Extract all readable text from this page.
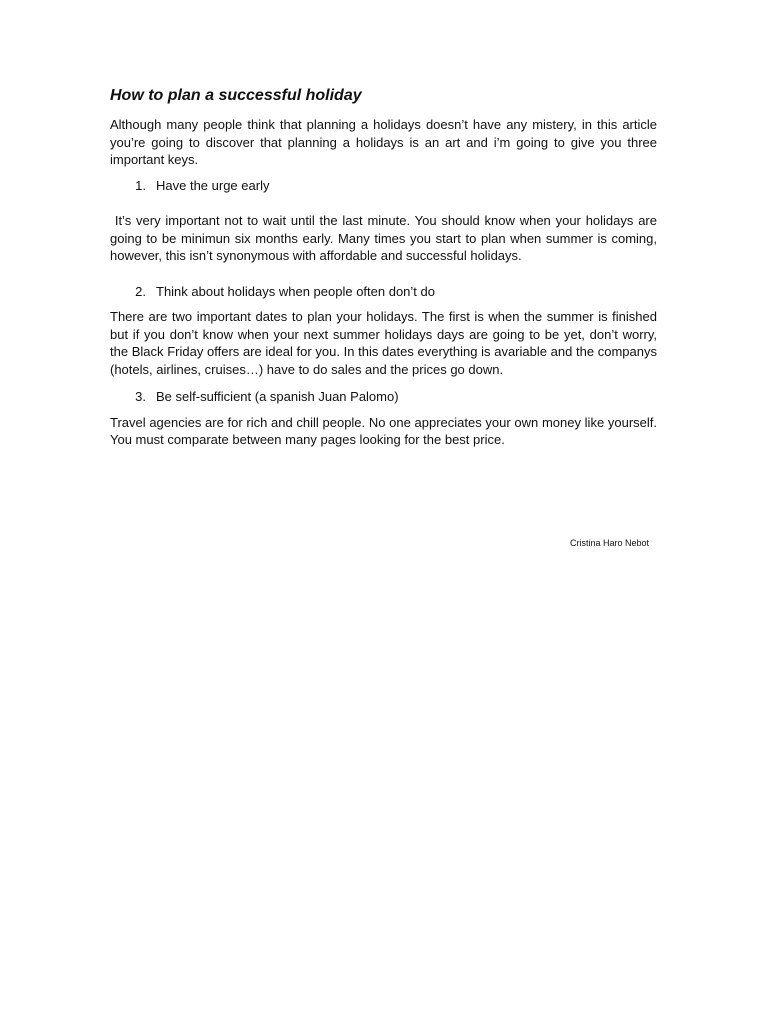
How to plan a successful holiday

Although many people think that planning a holidays doesn’t have any mistery, in this article you’re going to discover that planning a holidays is an art and i’m going to give you three important keys.

1. Have the urge early

It’s very important not to wait until the last minute. You should know when your holidays are going to be minimun six months early. Many times you start to plan when summer is coming, however, this isn’t synonymous with affordable and successful holidays.

2. Think about holidays when people often don’t do

There are two important dates to plan your holidays. The first is when the summer is finished but if you don’t know when your next summer holidays days are going to be yet, don’t worry, the Black Friday offers are ideal for you. In this dates everything is avariable and the companys (hotels, airlines, cruises…) have to do sales and the prices go down.

3. Be self-sufficient (a spanish Juan Palomo)

Travel agencies are for rich and chill people. No one appreciates your own money like yourself. You must comparate between many pages looking for the best price.

Cristina Haro Nebot
